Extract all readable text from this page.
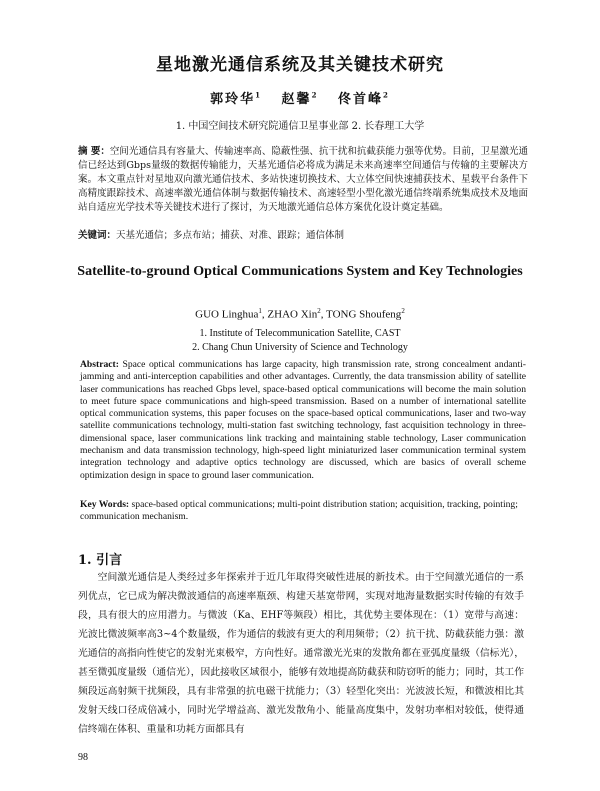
星地激光通信系统及其关键技术研究
郭玲华$^1$ 赵馨$^2$ 佟首峰$^2$
1. 中国空间技术研究院通信卫星事业部 2. 长春理工大学
摘 要：空间光通信具有容量大、传输速率高、隐蔽性强、抗干扰和抗截获能力强等优势。目前，卫星激光通信已经达到Gbps量级的数据传输能力，天基光通信必将成为满足未来高速率空间通信与传输的主要解决方案。本文重点针对星地双向激光通信技术、多站快速切换技术、大立体空间快速捕获技术、星载平台条件下高精度跟踪技术、高速率激光通信体制与数据传输技术、高速轻型小型化激光通信终端系统集成技术及地面站自适应光学技术等关键技术进行了探讨，为天地激光通信总体方案优化设计奠定基础。
关键词：天基光通信；多点布站；捕获、对准、跟踪；通信体制
Satellite-to-ground Optical Communications System and Key Technologies
GUO Linghua$^1$, ZHAO Xin$^2$, TONG Shoufeng$^2$
1. Institute of Telecommunication Satellite, CAST
2. Chang Chun University of Science and Technology
Abstract: Space optical communications has large capacity, high transmission rate, strong concealment andanti-jamming and anti-interception capabilities and other advantages. Currently, the data transmission ability of satellite laser communications has reached Gbps level, space-based optical communications will become the main solution to meet future space communications and high-speed transmission. Based on a number of international satellite optical communication systems, this paper focuses on the space-based optical communications, laser and two-way satellite communications technology, multi-station fast switching technology, fast acquisition technology in three-dimensional space, laser communications link tracking and maintaining stable technology, Laser communication mechanism and data transmission technology, high-speed light miniaturized laser communication terminal system integration technology and adaptive optics technology are discussed, which are basics of overall scheme optimization design in space to ground laser communication.
Key Words: space-based optical communications; multi-point distribution station; acquisition, tracking, pointing; communication mechanism.
1. 引言
空间激光通信是人类经过多年探索并于近几年取得突破性进展的新技术。由于空间激光通信的一系列优点，它已成为解决微波通信的高速率瓶颈、构建天基宽带网，实现对地海量数据实时传输的有效手段，具有很大的应用潜力。与微波（Ka、EHF等频段）相比，其优势主要体现在：（1）宽带与高速：光波比微波频率高3~4个数量级，作为通信的载波有更大的利用频带；（2）抗干扰、防截获能力强：激光通信的高指向性使它的发射光束极窄，方向性好。通常激光光束的发散角都在亚弧度量级（信标光），甚至微弧度量级（通信光），因此接收区域很小，能够有效地提高防截获和防窃听的能力；同时，其工作频段远高射频干扰频段，具有非常强的抗电磁干扰能力；（3）轻型化突出：光波波长短，和微波相比其发射天线口径成倍减小，同时光学增益高、激光发散角小、能量高度集中，发射功率相对较低，使得通信终端在体积、重量和功耗方面都具有
98
